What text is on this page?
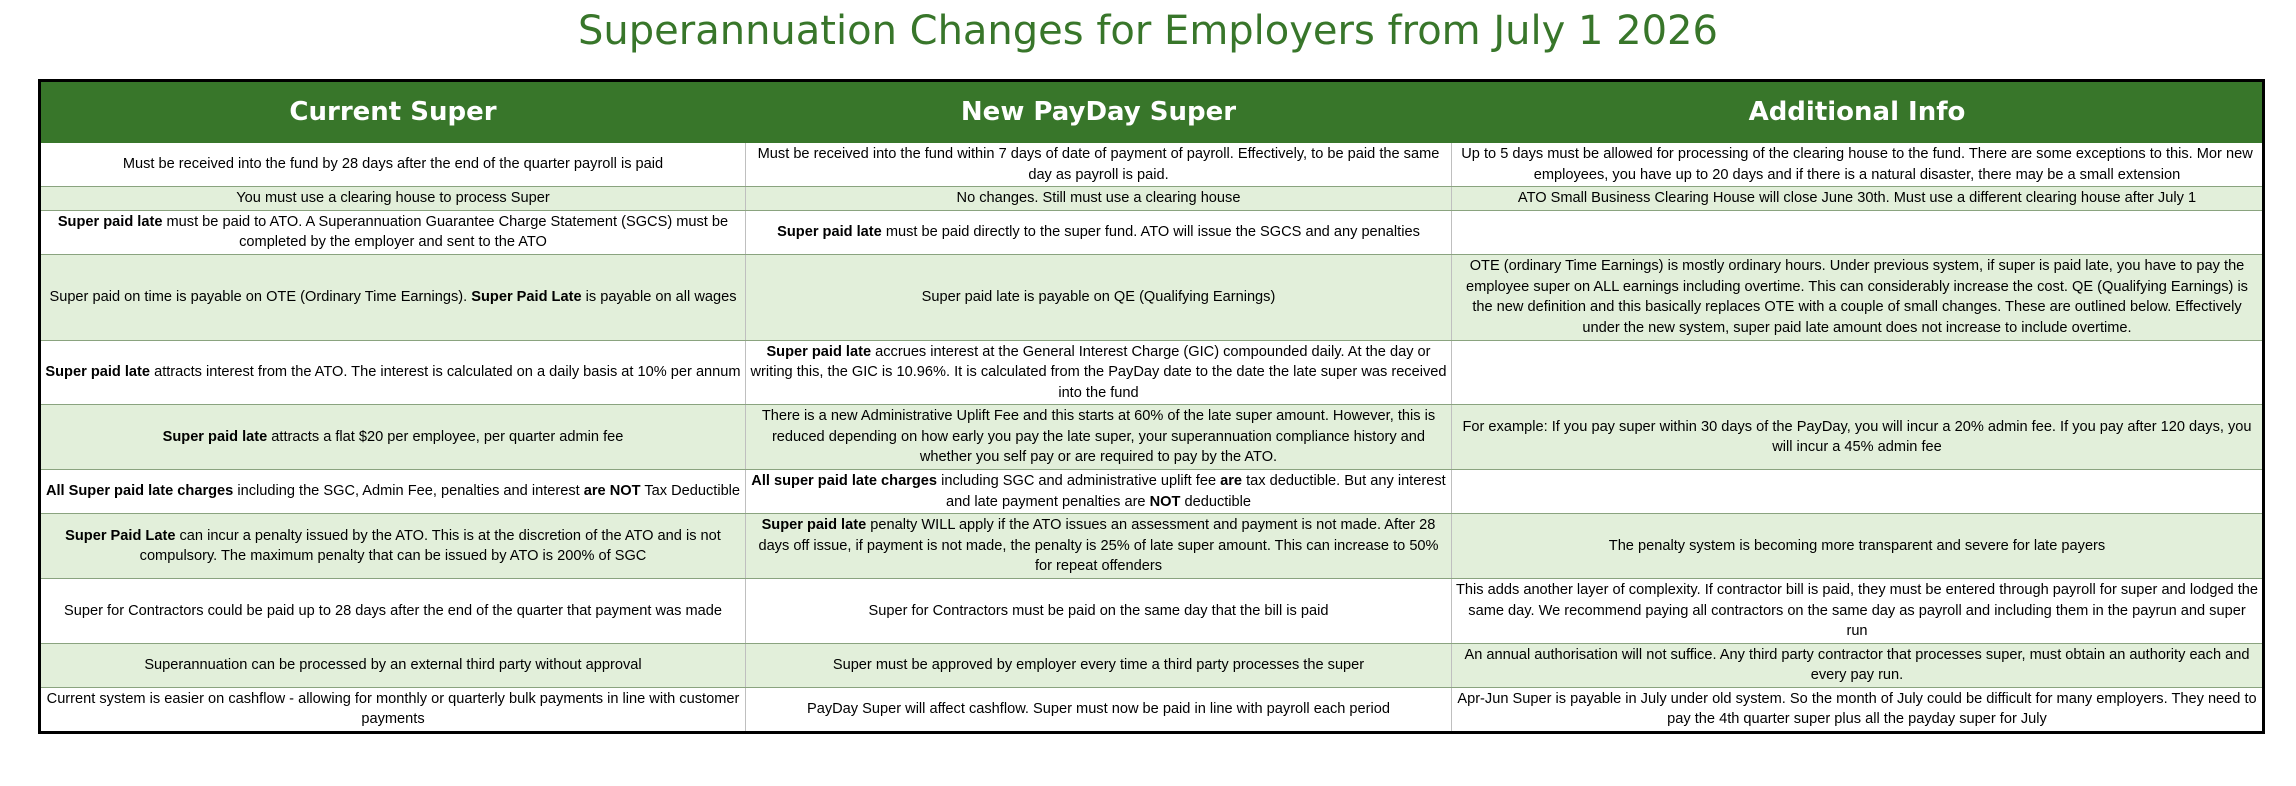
Superannuation Changes for Employers from July 1 2026
Current Super	New PayDay Super	Additional Info
Must be received into the fund by 28 days after the end of the quarter payroll is paid	Must be received into the fund within 7 days of date of payment of payroll. Effectively, to be paid the same day as payroll is paid.	Up to 5 days must be allowed for processing of the clearing house to the fund. There are some exceptions to this. Mor new employees, you have up to 20 days and if there is a natural disaster, there may be a small extension
You must use a clearing house to process Super	No changes. Still must use a clearing house	ATO Small Business Clearing House will close June 30th. Must use a different clearing house after July 1
Super paid late must be paid to ATO. A Superannuation Guarantee Charge Statement (SGCS) must be completed by the employer and sent to the ATO	Super paid late must be paid directly to the super fund. ATO will issue the SGCS and any penalties	
Super paid on time is payable on OTE (Ordinary Time Earnings). Super Paid Late is payable on all wages	Super paid late is payable on QE (Qualifying Earnings)	OTE (ordinary Time Earnings) is mostly ordinary hours. Under previous system, if super is paid late, you have to pay the employee super on ALL earnings including overtime. This can considerably increase the cost. QE (Qualifying Earnings) is the new definition and this basically replaces OTE with a couple of small changes. These are outlined below. Effectively under the new system, super paid late amount does not increase to include overtime.
Super paid late attracts interest from the ATO. The interest is calculated on a daily basis at 10% per annum	Super paid late accrues interest at the General Interest Charge (GIC) compounded daily. At the day or writing this, the GIC is 10.96%. It is calculated from the PayDay date to the date the late super was received into the fund	
Super paid late attracts a flat $20 per employee, per quarter admin fee	There is a new Administrative Uplift Fee and this starts at 60% of the late super amount. However, this is reduced depending on how early you pay the late super, your superannuation compliance history and whether you self pay or are required to pay by the ATO.	For example: If you pay super within 30 days of the PayDay, you will incur a 20% admin fee. If you pay after 120 days, you will incur a 45% admin fee
All Super paid late charges including the SGC, Admin Fee, penalties and interest are NOT Tax Deductible	All super paid late charges including SGC and administrative uplift fee are tax deductible. But any interest and late payment penalties are NOT deductible	
Super Paid Late can incur a penalty issued by the ATO. This is at the discretion of the ATO and is not compulsory. The maximum penalty that can be issued by ATO is 200% of SGC	Super paid late penalty WILL apply if the ATO issues an assessment and payment is not made. After 28 days off issue, if payment is not made, the penalty is 25% of late super amount. This can increase to 50% for repeat offenders	The penalty system is becoming more transparent and severe for late payers
Super for Contractors could be paid up to 28 days after the end of the quarter that payment was made	Super for Contractors must be paid on the same day that the bill is paid	This adds another layer of complexity. If contractor bill is paid, they must be entered through payroll for super and lodged the same day. We recommend paying all contractors on the same day as payroll and including them in the payrun and super run
Superannuation can be processed by an external third party without approval	Super must be approved by employer every time a third party processes the super	An annual authorisation will not suffice. Any third party contractor that processes super, must obtain an authority each and every pay run.
Current system is easier on cashflow - allowing for monthly or quarterly bulk payments in line with customer payments	PayDay Super will affect cashflow. Super must now be paid in line with payroll each period	Apr-Jun Super is payable in July under old system. So the month of July could be difficult for many employers. They need to pay the 4th quarter super plus all the payday super for July
